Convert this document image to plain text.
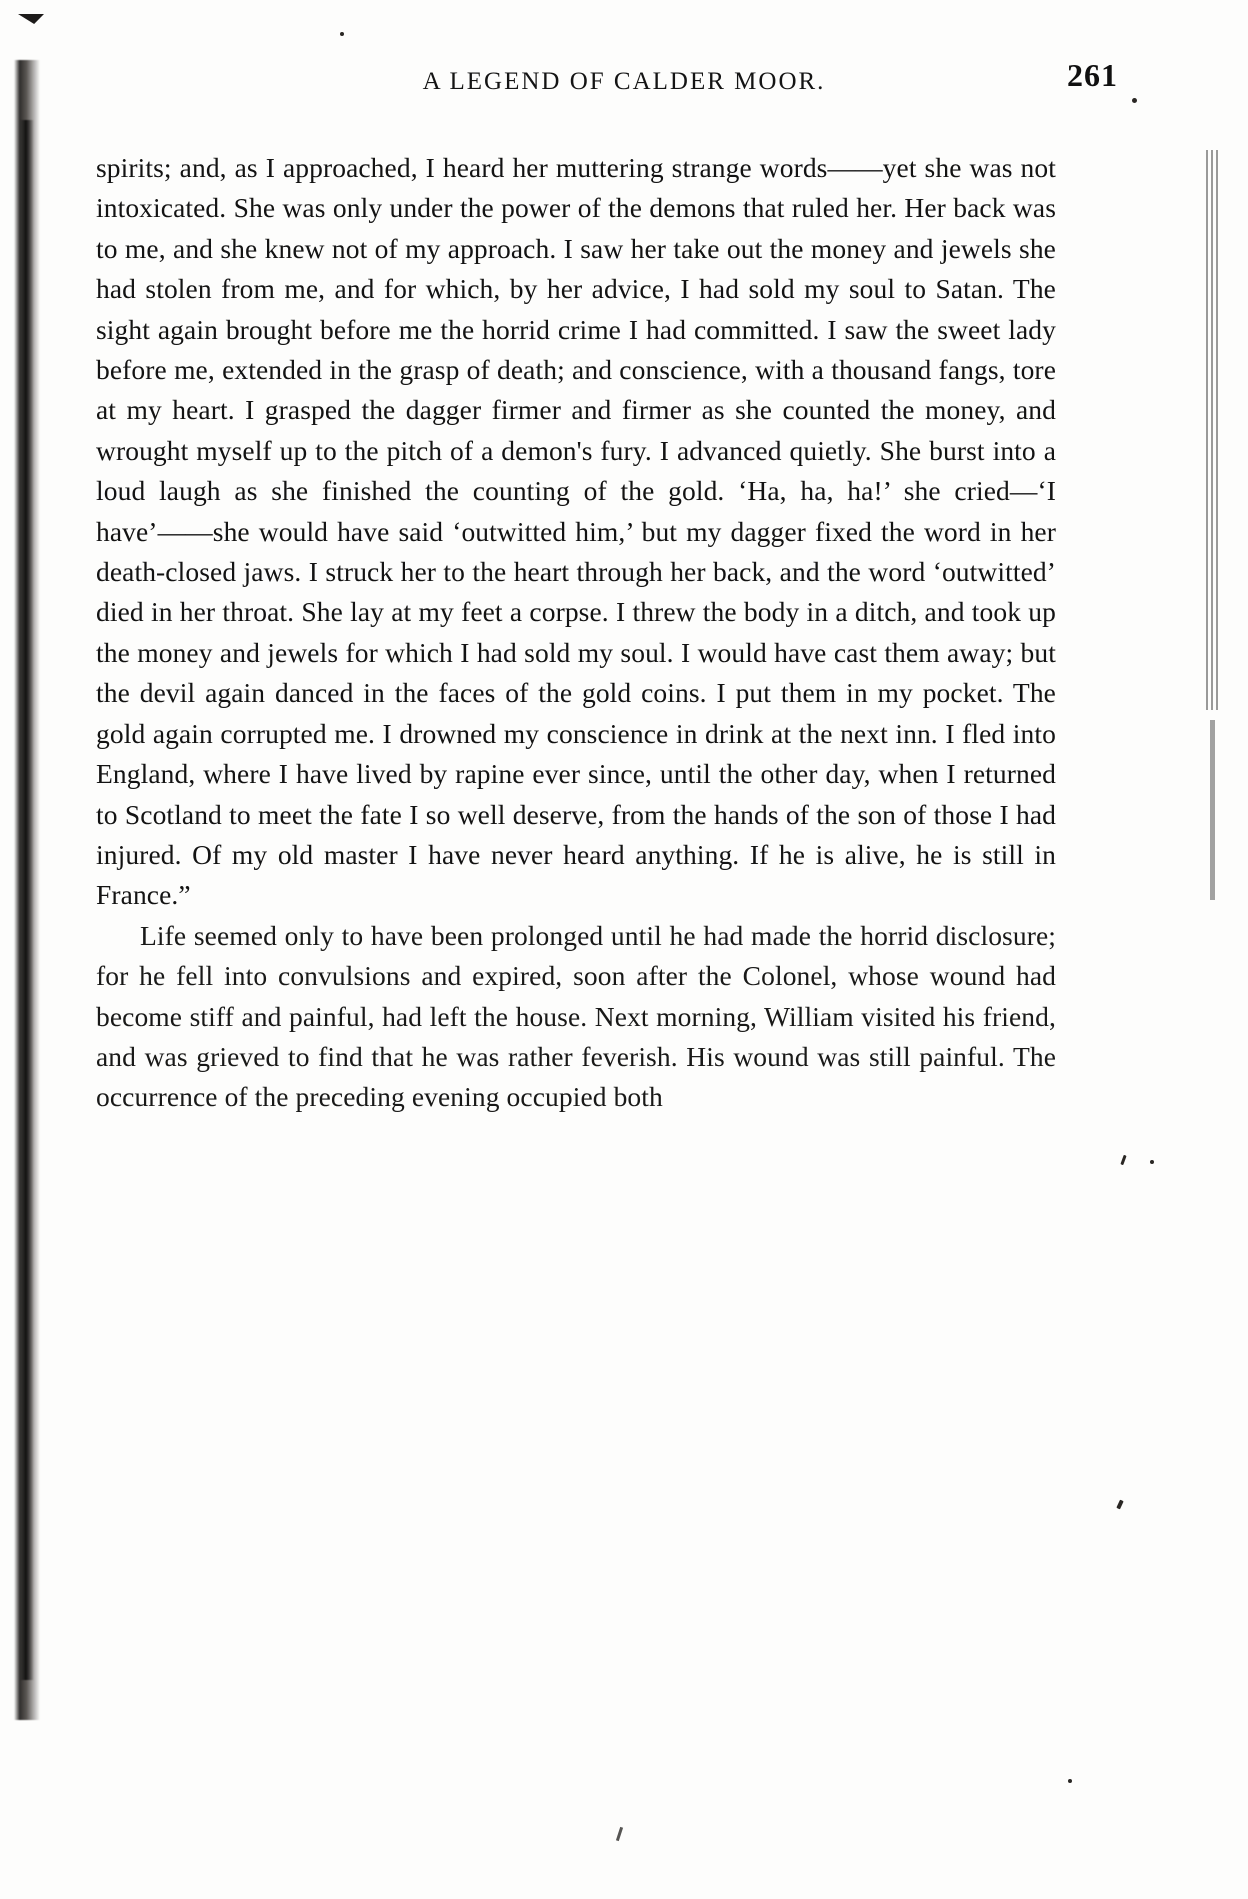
A LEGEND OF CALDER MOOR.	261

spirits; and, as I approached, I heard her muttering strange words——yet she was not intoxicated. She was only under the power of the demons that ruled her. Her back was to me, and she knew not of my approach. I saw her take out the money and jewels she had stolen from me, and for which, by her advice, I had sold my soul to Satan. The sight again brought before me the horrid crime I had committed. I saw the sweet lady before me, extended in the grasp of death; and conscience, with a thousand fangs, tore at my heart. I grasped the dagger firmer and firmer as she counted the money, and wrought myself up to the pitch of a demon's fury. I advanced quietly. She burst into a loud laugh as she finished the counting of the gold. ‘Ha, ha, ha!’ she cried—‘I have’——she would have said ‘outwitted him,’ but my dagger fixed the word in her death-closed jaws. I struck her to the heart through her back, and the word ‘outwitted’ died in her throat. She lay at my feet a corpse. I threw the body in a ditch, and took up the money and jewels for which I had sold my soul. I would have cast them away; but the devil again danced in the faces of the gold coins. I put them in my pocket. The gold again corrupted me. I drowned my conscience in drink at the next inn. I fled into England, where I have lived by rapine ever since, until the other day, when I returned to Scotland to meet the fate I so well deserve, from the hands of the son of those I had injured. Of my old master I have never heard anything. If he is alive, he is still in France.”

Life seemed only to have been prolonged until he had made the horrid disclosure; for he fell into convulsions and expired, soon after the Colonel, whose wound had become stiff and painful, had left the house. Next morning, William visited his friend, and was grieved to find that he was rather feverish. His wound was still painful. The occurrence of the preceding evening occupied both
